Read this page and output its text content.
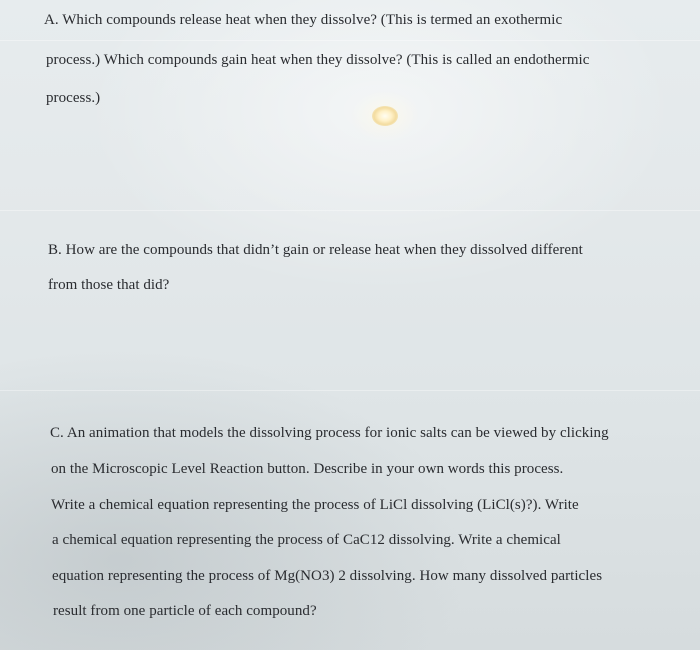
A. Which compounds release heat when they dissolve? (This is termed an exothermic
process.) Which compounds gain heat when they dissolve? (This is called an endothermic
process.)
B. How are the compounds that didn’t gain or release heat when they dissolved different
from those that did?
C. An animation that models the dissolving process for ionic salts can be viewed by clicking
on the Microscopic Level Reaction button. Describe in your own words this process.
Write a chemical equation representing the process of LiCl dissolving (LiCl(s)?). Write
a chemical equation representing the process of CaC12 dissolving. Write a chemical
equation representing the process of Mg(NO3) 2 dissolving. How many dissolved particles
result from one particle of each compound?
